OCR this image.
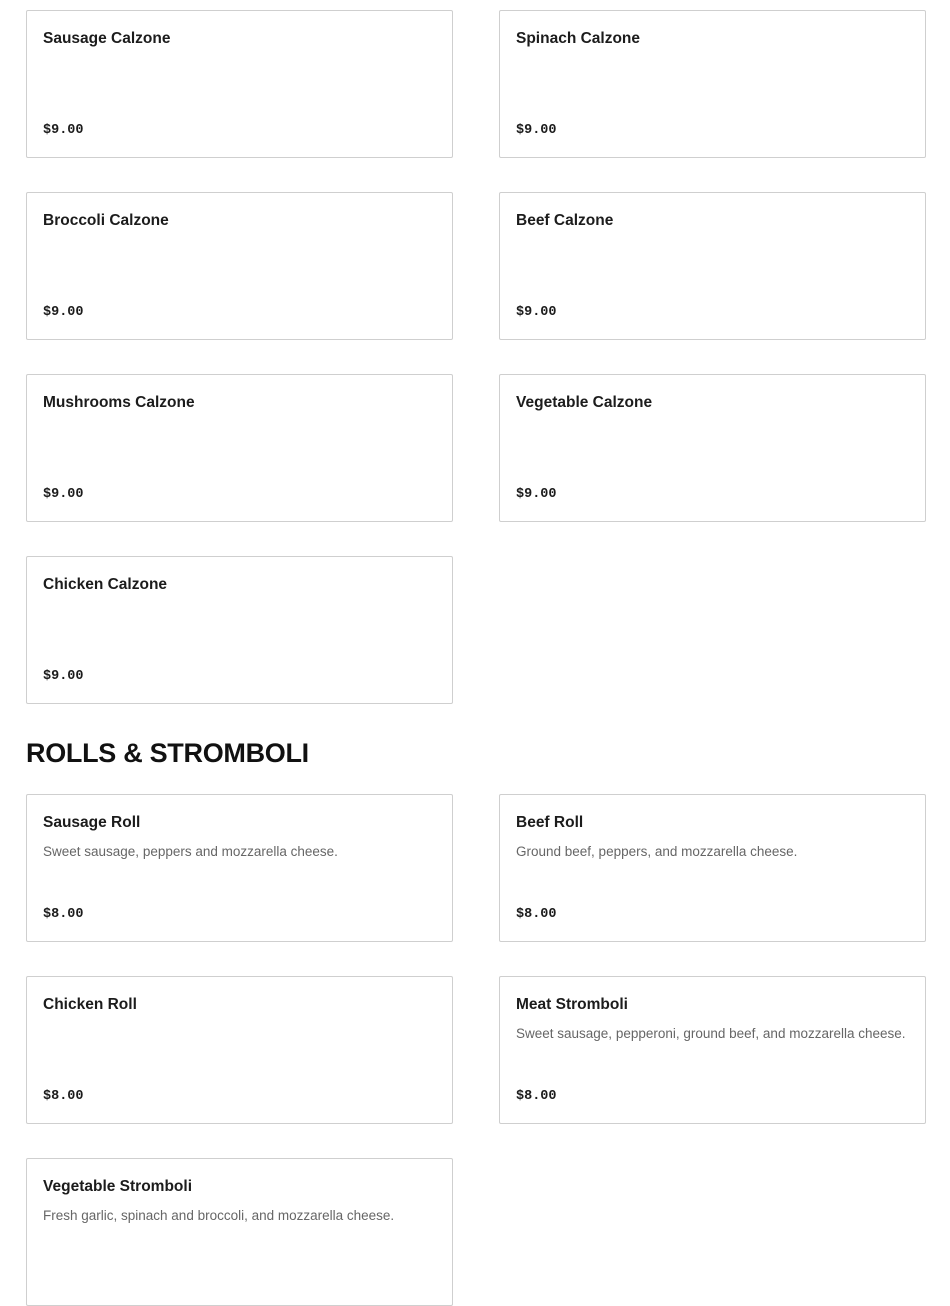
Sausage Calzone
$9.00
Spinach Calzone
$9.00
Broccoli Calzone
$9.00
Beef Calzone
$9.00
Mushrooms Calzone
$9.00
Vegetable Calzone
$9.00
Chicken Calzone
$9.00
ROLLS & STROMBOLI
Sausage Roll
Sweet sausage, peppers and mozzarella cheese.
$8.00
Beef Roll
Ground beef, peppers, and mozzarella cheese.
$8.00
Chicken Roll
$8.00
Meat Stromboli
Sweet sausage, pepperoni, ground beef, and mozzarella cheese.
$8.00
Vegetable Stromboli
Fresh garlic, spinach and broccoli, and mozzarella cheese.
